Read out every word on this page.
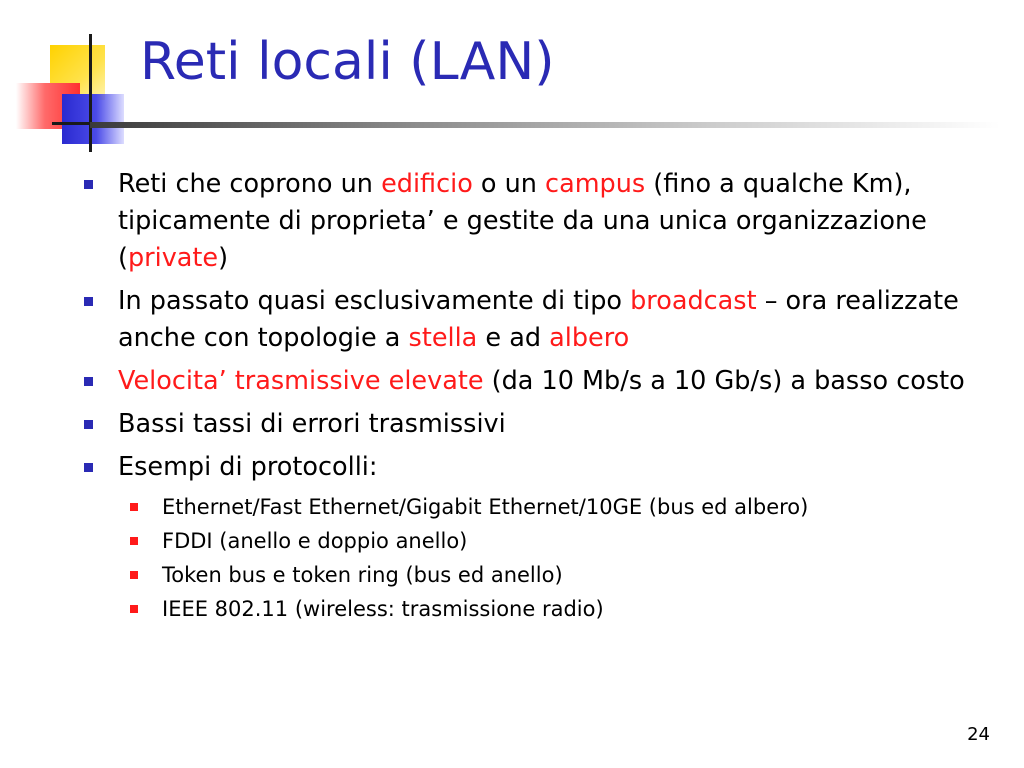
Reti locali (LAN)
Reti che coprono un edificio o un campus (fino a qualche Km), tipicamente di proprieta’ e gestite da una unica organizzazione (private)
In passato quasi esclusivamente di tipo broadcast – ora realizzate anche con topologie a stella e ad albero
Velocita’ trasmissive elevate (da 10 Mb/s a 10 Gb/s) a basso costo
Bassi tassi di errori trasmissivi
Esempi di protocolli:
Ethernet/Fast Ethernet/Gigabit Ethernet/10GE (bus ed albero)
FDDI (anello e doppio anello)
Token bus e token ring (bus ed anello)
IEEE 802.11 (wireless: trasmissione radio)
24
